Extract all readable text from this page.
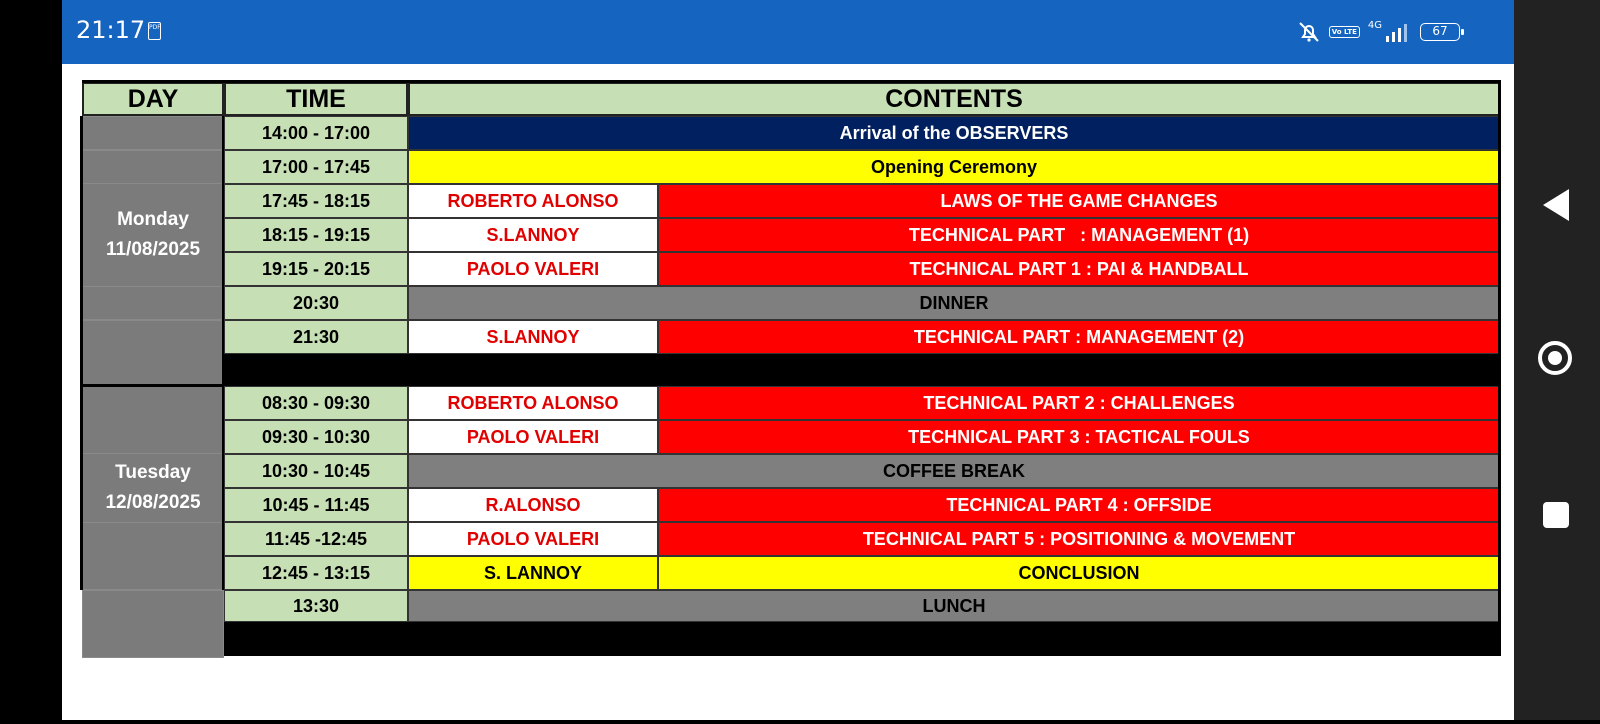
21:17 PDF
Vo LTE
4G	67
DAY	TIME	CONTENTS
Monday
11/08/2025
Tuesday
12/08/2025
14:00 - 17:00	Arrival of the OBSERVERS
17:00 - 17:45	Opening Ceremony
17:45 - 18:15	ROBERTO ALONSO	LAWS OF THE GAME CHANGES
18:15 - 19:15	S.LANNOY	TECHNICAL PART   : MANAGEMENT (1)
19:15 - 20:15	PAOLO VALERI	TECHNICAL PART 1 : PAI & HANDBALL
20:30	DINNER
21:30	S.LANNOY	TECHNICAL PART : MANAGEMENT (2)
08:30 - 09:30	ROBERTO ALONSO	TECHNICAL PART 2 : CHALLENGES
09:30 - 10:30	PAOLO VALERI	TECHNICAL PART 3 : TACTICAL FOULS
10:30 - 10:45	COFFEE BREAK
10:45 - 11:45	R.ALONSO	TECHNICAL PART 4 : OFFSIDE
11:45 -12:45	PAOLO VALERI	TECHNICAL PART 5 : POSITIONING & MOVEMENT
12:45 - 13:15	S. LANNOY	CONCLUSION
13:30	LUNCH
